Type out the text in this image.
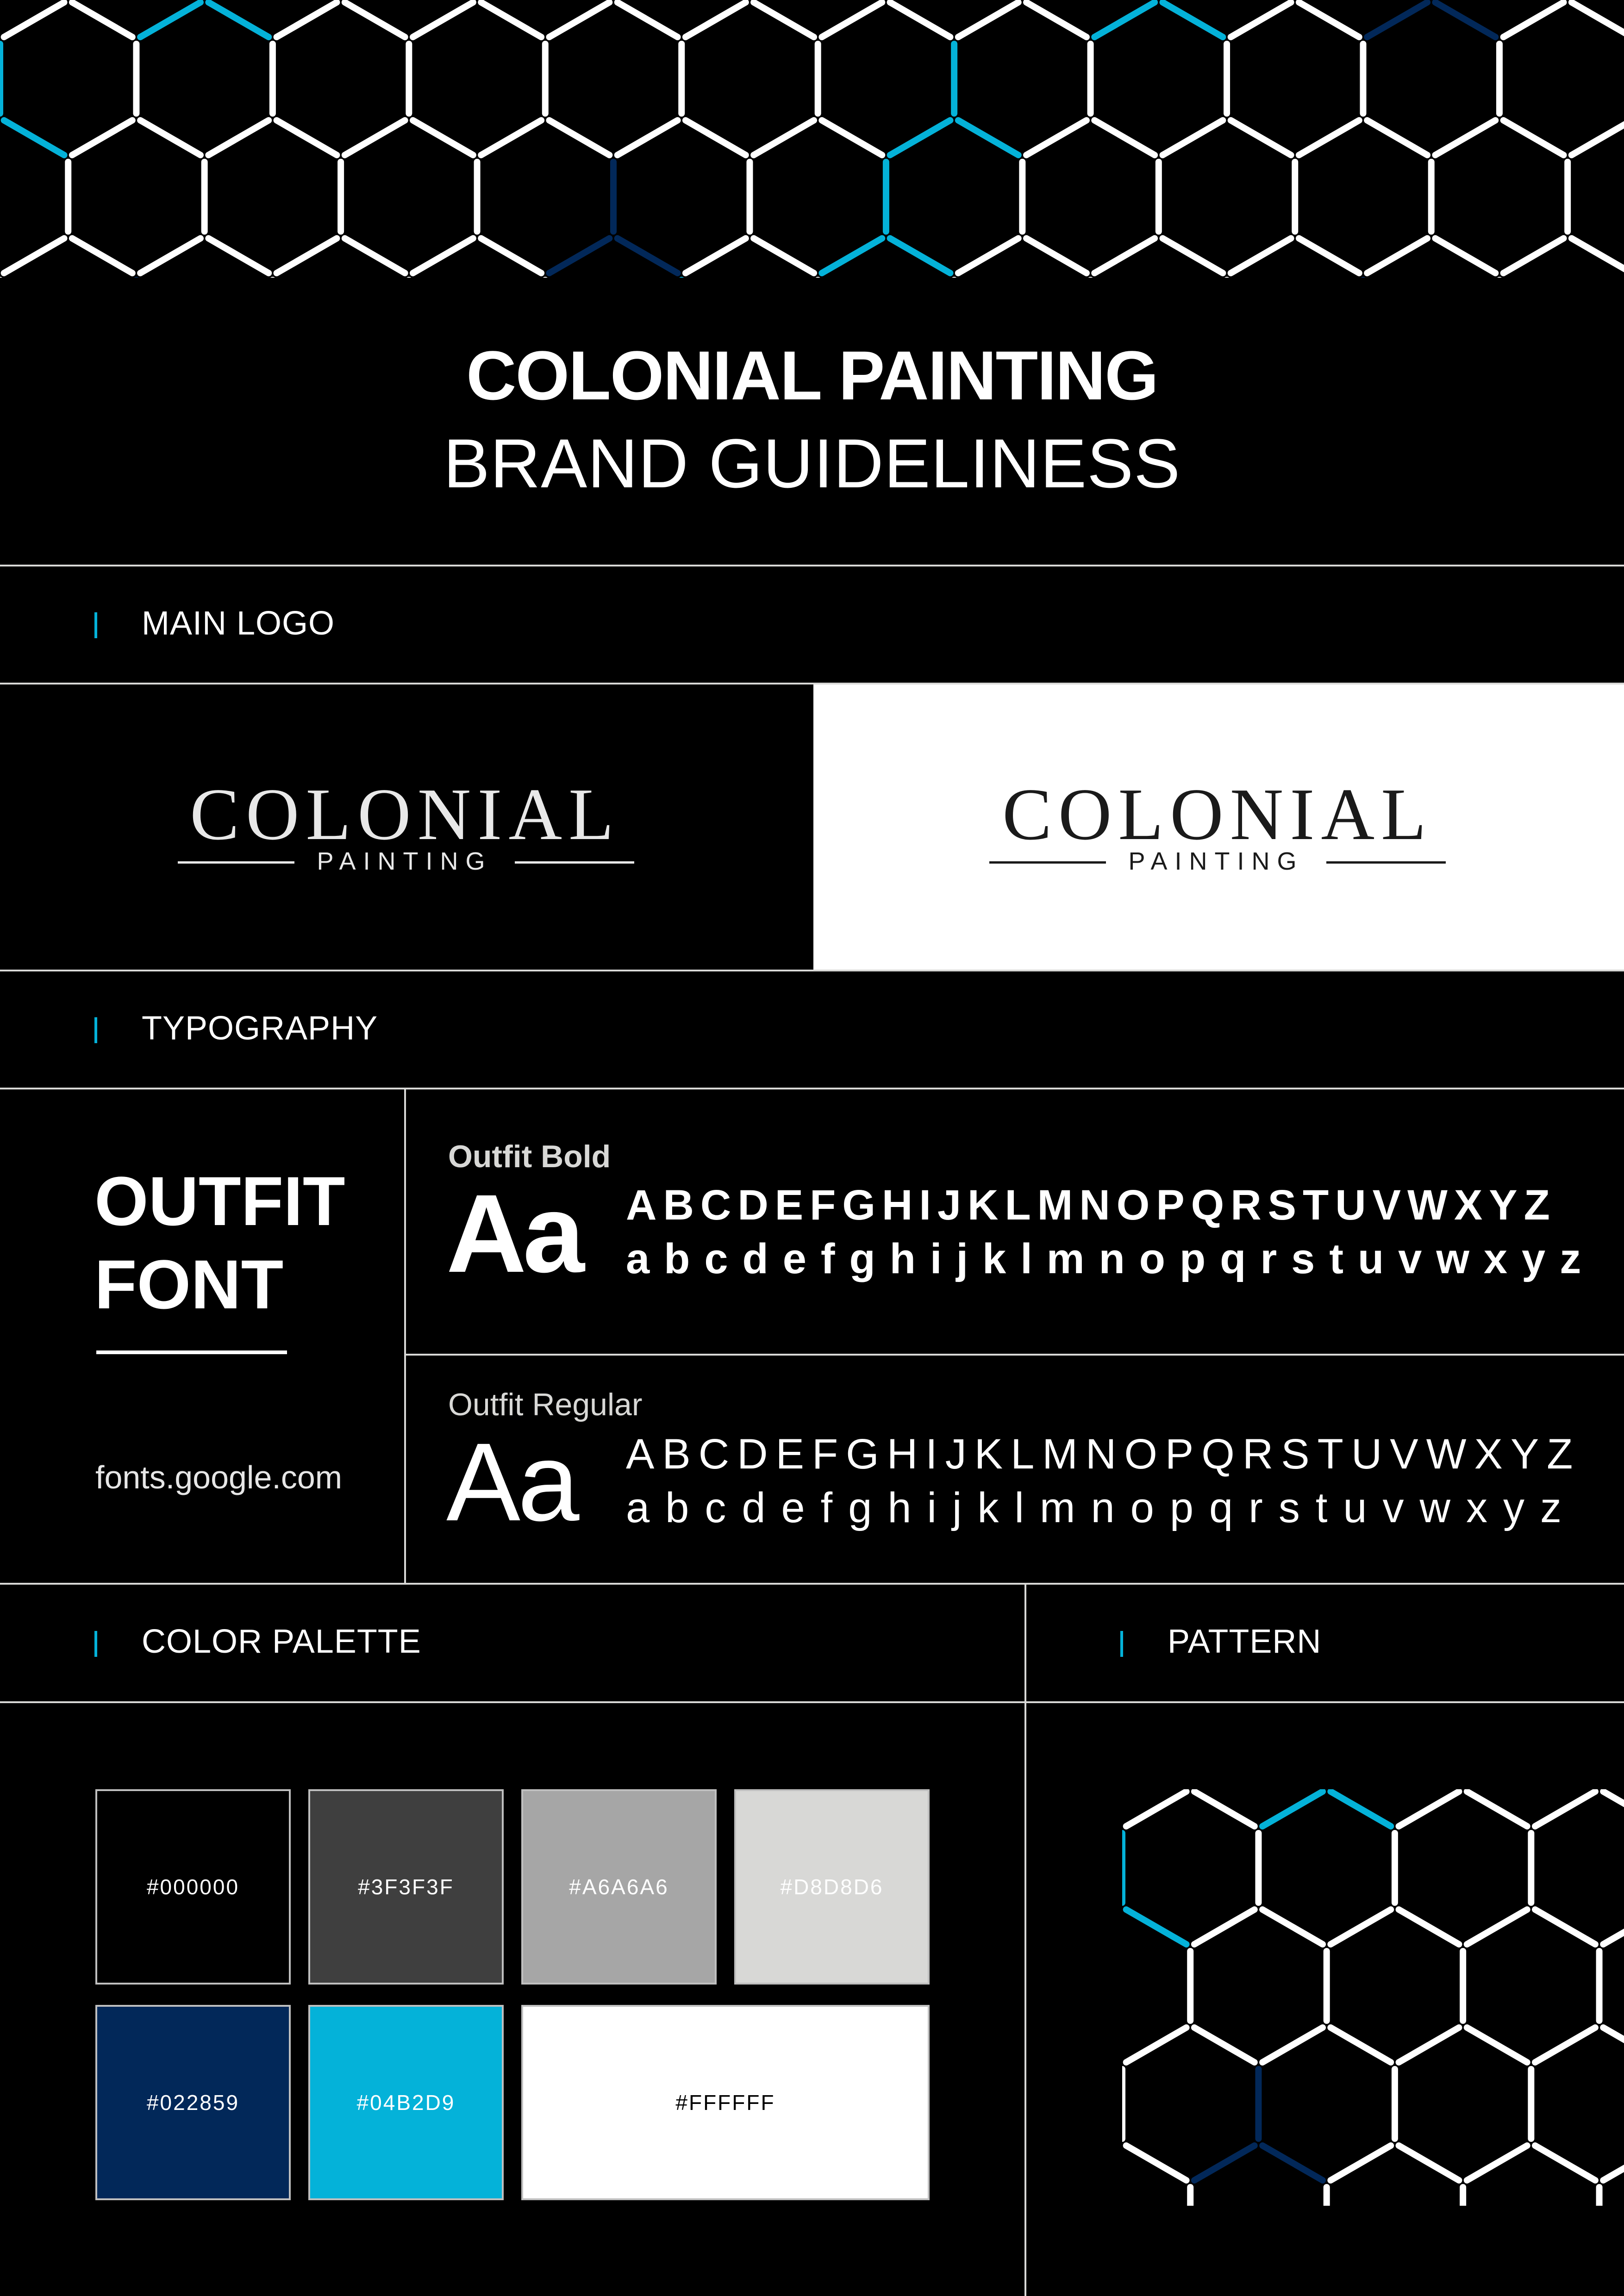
COLONIAL PAINTING
BRAND GUIDELINESS
MAIN LOGO
COLONIAL
PAINTING
COLONIAL
PAINTING
TYPOGRAPHY
OUTFIT
FONT
fonts.google.com
Outfit Bold
Aa ABCDEFGHIJKLMNOPQRSTUVWXYZ
abcdefghijklmnopqrstuvwxyz
Outfit Regular
Aa ABCDEFGHIJKLMNOPQRSTUVWXYZ
abcdefghijklmnopqrstuvwxyz
COLOR PALETTE	PATTERN
#000000	#3F3F3F	#A6A6A6	#D8D8D6
#022859	#04B2D9	#FFFFFF
